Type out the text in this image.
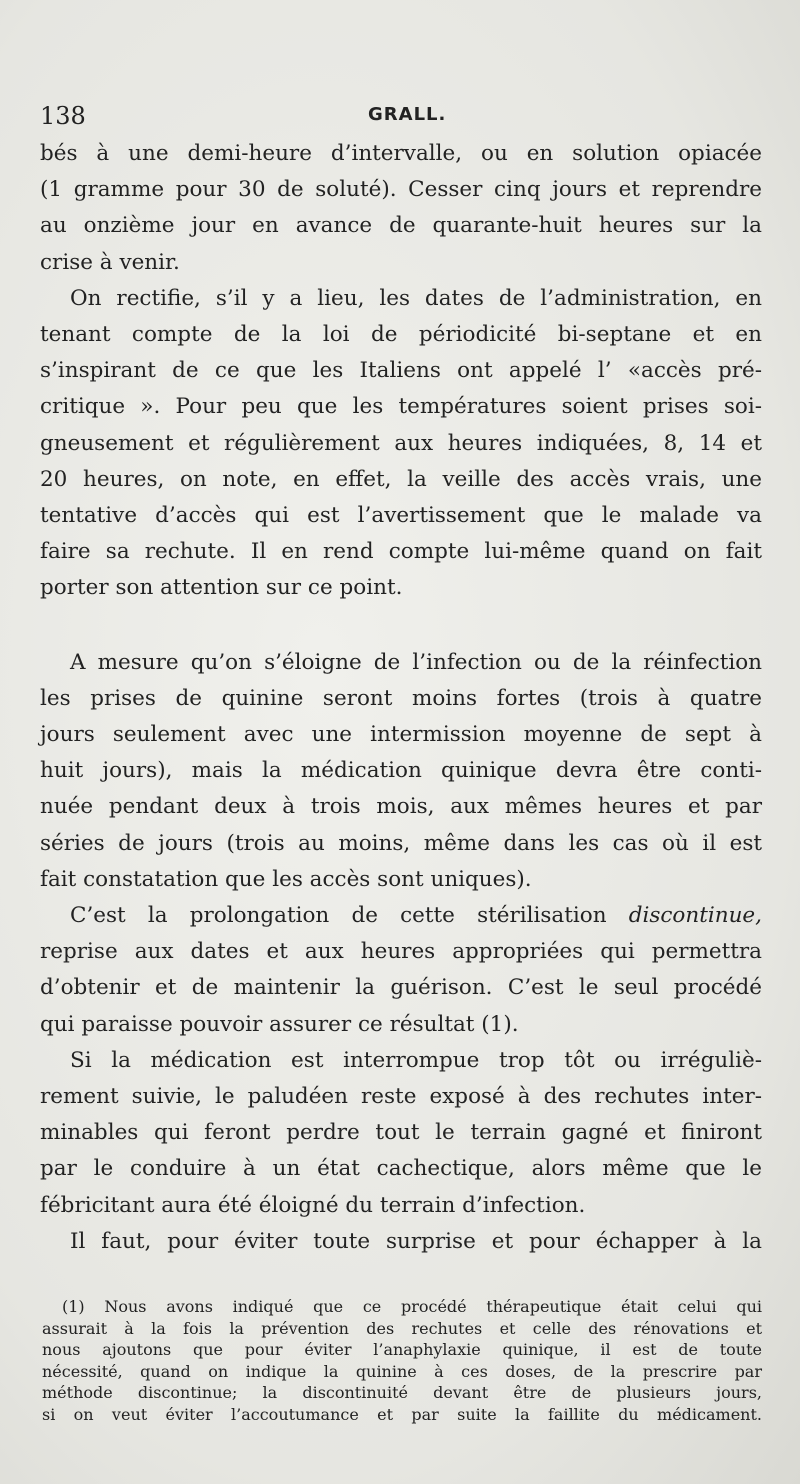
138	GRALL.

bés à une demi-heure d’intervalle, ou en solution opiacée
(1 gramme pour 30 de soluté). Cesser cinq jours et reprendre
au onzième jour en avance de quarante-huit heures sur la
crise à venir.

On rectifie, s’il y a lieu, les dates de l’administration, en
tenant compte de la loi de périodicité bi-septane et en
s’inspirant de ce que les Italiens ont appelé l’ «accès pré-
critique ». Pour peu que les températures soient prises soi-
gneusement et régulièrement aux heures indiquées, 8, 14 et
20 heures, on note, en effet, la veille des accès vrais, une
tentative d’accès qui est l’avertissement que le malade va
faire sa rechute. Il en rend compte lui-même quand on fait
porter son attention sur ce point.

A mesure qu’on s’éloigne de l’infection ou de la réinfection
les prises de quinine seront moins fortes (trois à quatre
jours seulement avec une intermission moyenne de sept à
huit jours), mais la médication quinique devra être conti-
nuée pendant deux à trois mois, aux mêmes heures et par
séries de jours (trois au moins, même dans les cas où il est
fait constatation que les accès sont uniques).

C’est la prolongation de cette stérilisation discontinue,
reprise aux dates et aux heures appropriées qui permettra
d’obtenir et de maintenir la guérison. C’est le seul procédé
qui paraisse pouvoir assurer ce résultat (1).

Si la médication est interrompue trop tôt ou irréguliè-
rement suivie, le paludéen reste exposé à des rechutes inter-
minables qui feront perdre tout le terrain gagné et finiront
par le conduire à un état cachectique, alors même que le
fébricitant aura été éloigné du terrain d’infection.

Il faut, pour éviter toute surprise et pour échapper à la

(1) Nous avons indiqué que ce procédé thérapeutique était celui qui
assurait à la fois la prévention des rechutes et celle des rénovations et
nous ajoutons que pour éviter l’anaphylaxie quinique, il est de toute
nécessité, quand on indique la quinine à ces doses, de la prescrire par
méthode discontinue; la discontinuité devant être de plusieurs jours,
si on veut éviter l’accoutumance et par suite la faillite du médicament.
